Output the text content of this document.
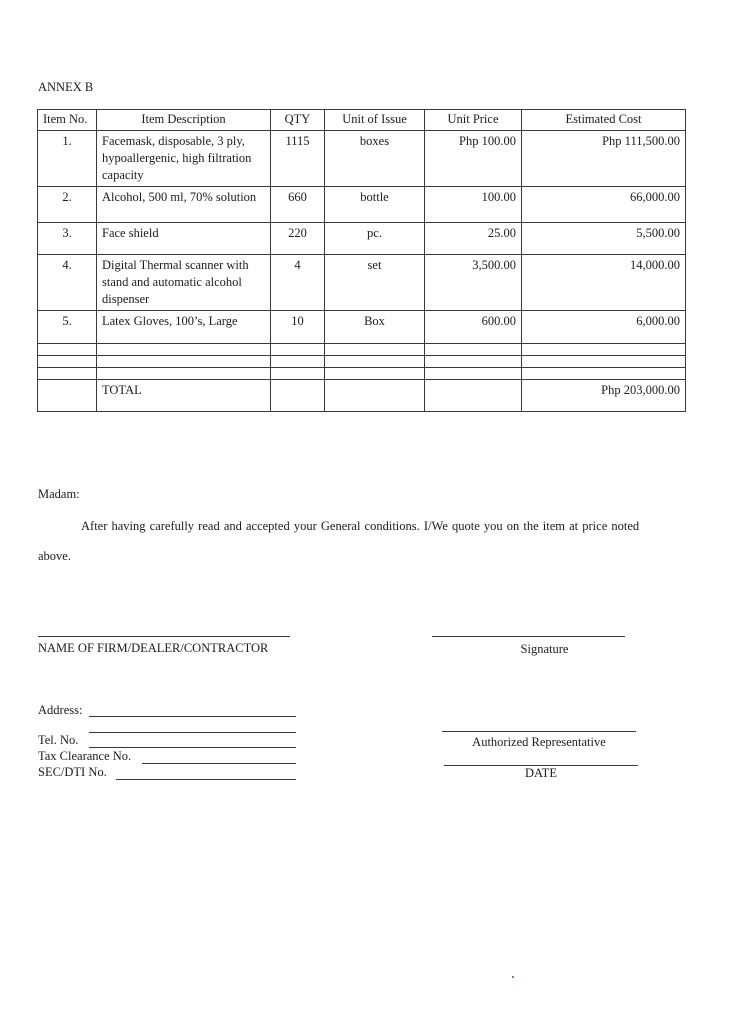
ANNEX B
Item No.	Item Description	QTY	Unit of Issue	Unit Price	Estimated Cost
1.	Facemask, disposable, 3 ply, hypoallergenic, high filtration capacity	1115	boxes	Php 100.00	Php 111,500.00
2.	Alcohol, 500 ml, 70% solution	660	bottle	100.00	66,000.00
3.	Face shield	220	pc.	25.00	5,500.00
4.	Digital Thermal scanner with stand and automatic alcohol dispenser	4	set	3,500.00	14,000.00
5.	Latex Gloves, 100’s, Large	10	Box	600.00	6,000.00

	TOTAL				Php 203,000.00
Madam:
After having carefully read and accepted your General conditions. I/We quote you on the item at price noted
above.
NAME OF FIRM/DEALER/CONTRACTOR	Signature
Address:
Tel. No.
Tax Clearance No.
SEC/DTI No.
Authorized Representative
DATE
